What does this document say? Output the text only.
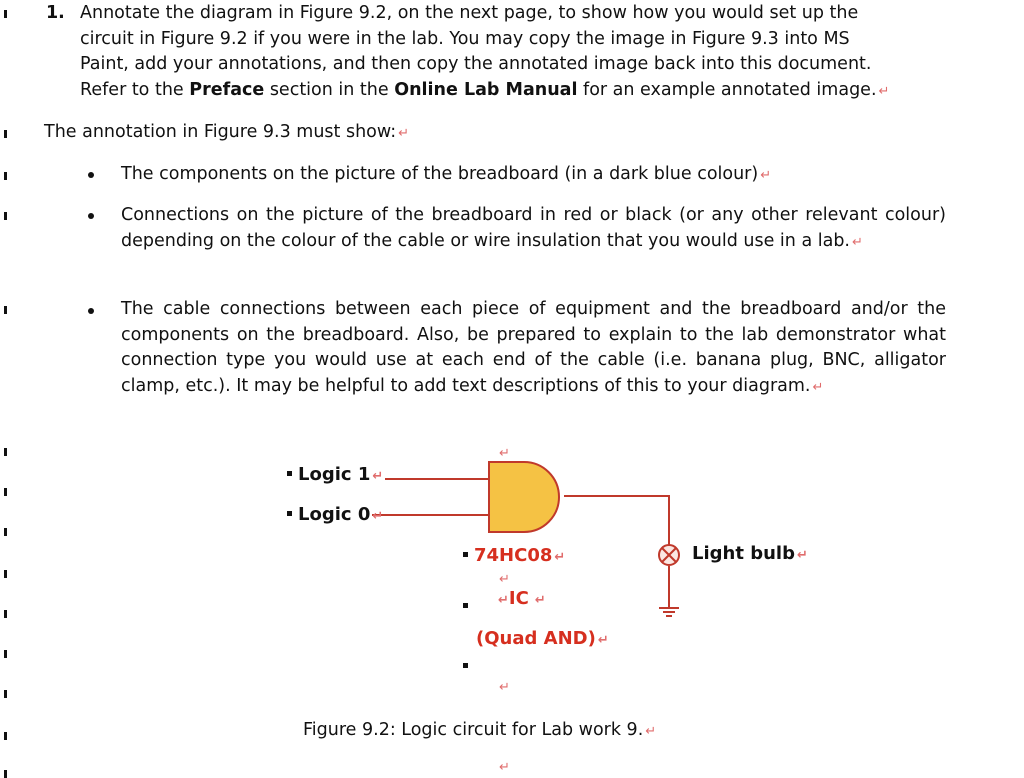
1. Annotate the diagram in Figure 9.2, on the next page, to show how you would set up the
circuit in Figure 9.2 if you were in the lab. You may copy the image in Figure 9.3 into MS
Paint, add your annotations, and then copy the annotated image back into this document.
Refer to the Preface section in the Online Lab Manual for an example annotated image. ↵
The annotation in Figure 9.3 must show: ↵
The components on the picture of the breadboard (in a dark blue colour) ↵
Connections on the picture of the breadboard in red or black (or any other relevant colour) depending on the colour of the cable or wire insulation that you would use in a lab. ↵
The cable connections between each piece of equipment and the breadboard and/or the components on the breadboard. Also, be prepared to explain to the lab demonstrator what connection type you would use at each end of the cable (i.e. banana plug, BNC, alligator clamp, etc.). It may be helpful to add text descriptions of this to your diagram. ↵
Logic 1 ↵
Logic 0 ↵
↵
74HC08 ↵
↵
↵IC ↵
(Quad AND) ↵
↵
Light bulb ↵
Figure 9.2: Logic circuit for Lab work 9. ↵
↵
